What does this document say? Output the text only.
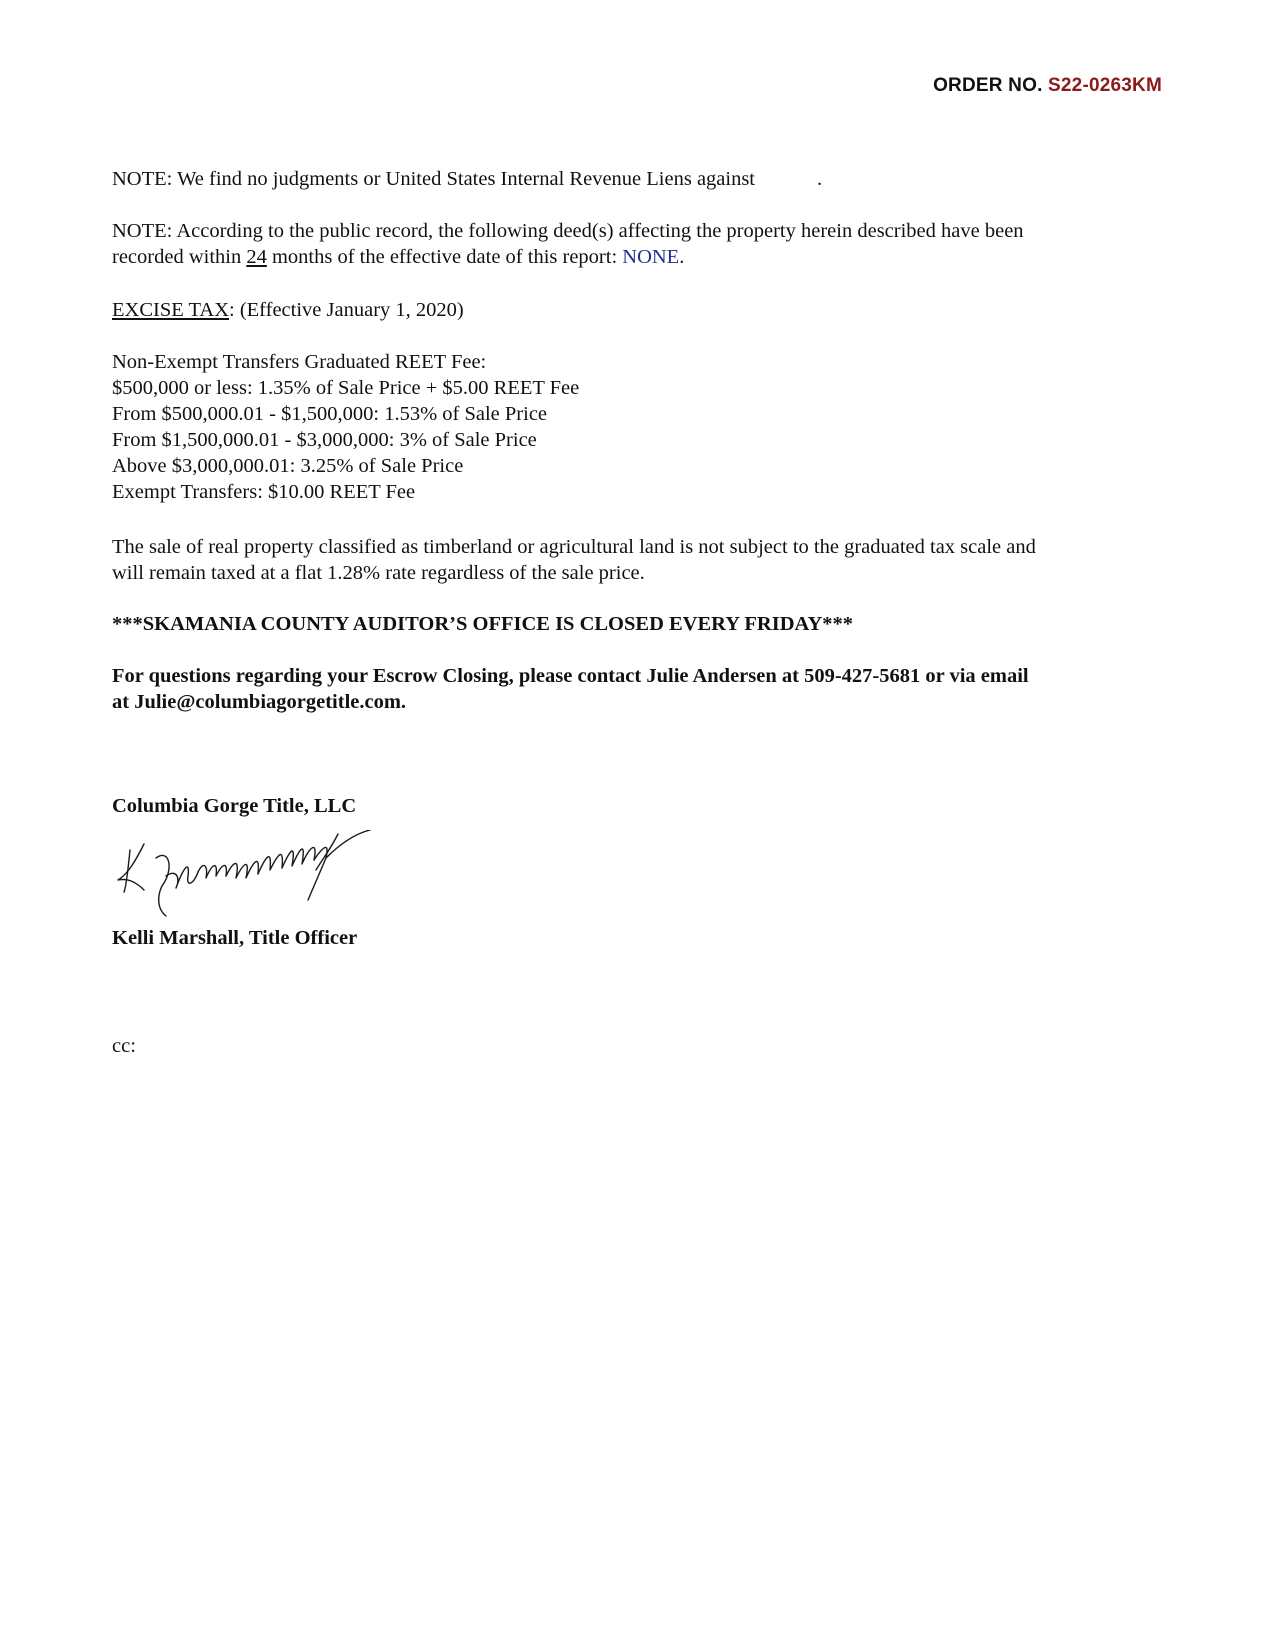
ORDER NO. S22-0263KM
NOTE: We find no judgments or United States Internal Revenue Liens against	.
NOTE: According to the public record, the following deed(s) affecting the property herein described have been
recorded within 24 months of the effective date of this report: NONE.
EXCISE TAX: (Effective January 1, 2020)
Non-Exempt Transfers Graduated REET Fee:
$500,000 or less: 1.35% of Sale Price + $5.00 REET Fee
From $500,000.01 - $1,500,000: 1.53% of Sale Price
From $1,500,000.01 - $3,000,000: 3% of Sale Price
Above $3,000,000.01: 3.25% of Sale Price
Exempt Transfers: $10.00 REET Fee
The sale of real property classified as timberland or agricultural land is not subject to the graduated tax scale and
will remain taxed at a flat 1.28% rate regardless of the sale price.
***SKAMANIA COUNTY AUDITOR’S OFFICE IS CLOSED EVERY FRIDAY***
For questions regarding your Escrow Closing, please contact Julie Andersen at 509-427-5681 or via email
at Julie@columbiagorgetitle.com.
Columbia Gorge Title, LLC
Kelli Marshall, Title Officer
cc:
